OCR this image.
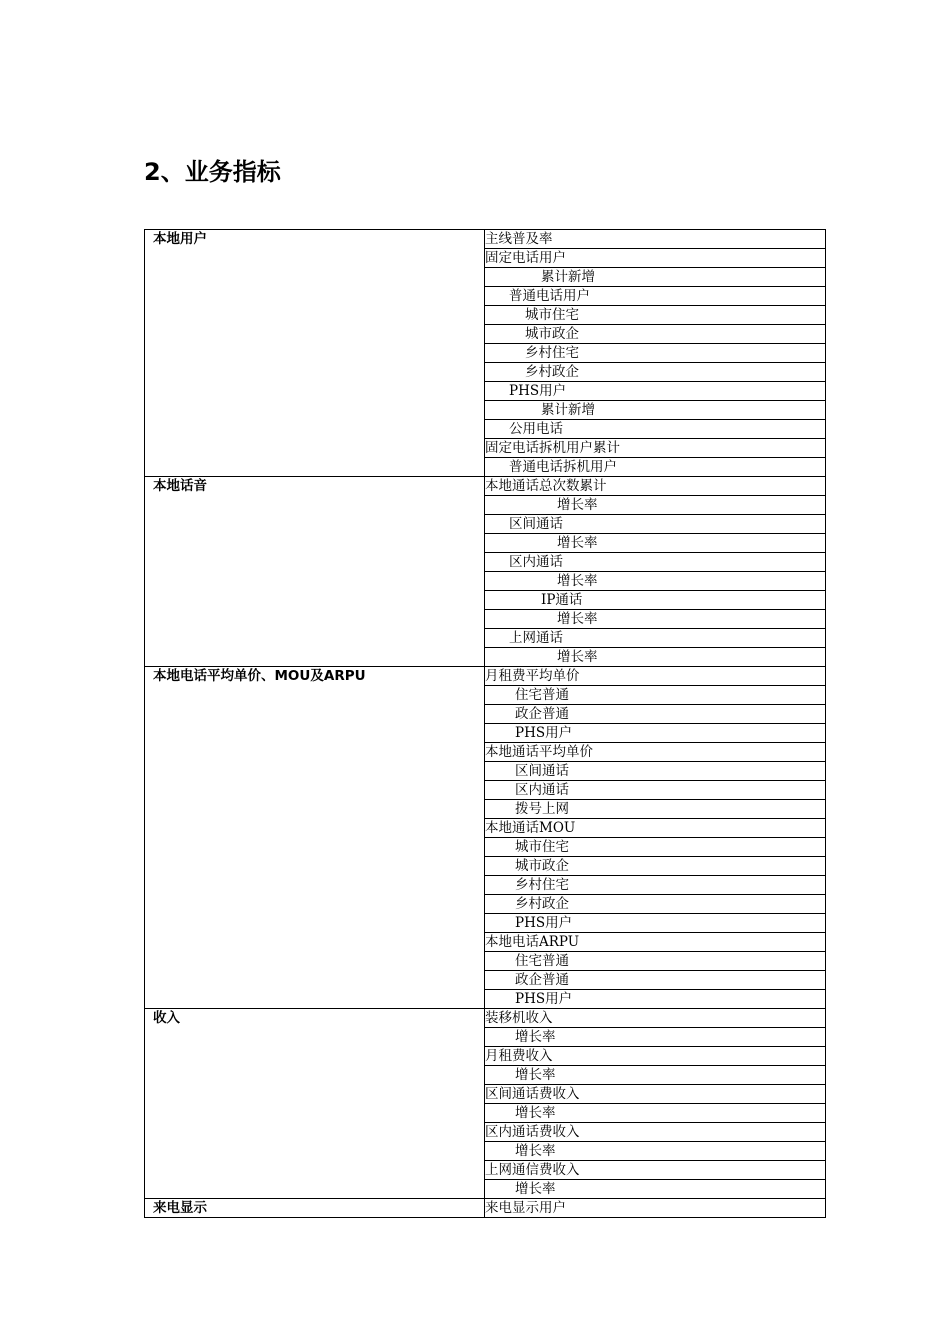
2、业务指标
本地用户	主线普及率
	固定电话用户
	累计新增
	普通电话用户
	城市住宅
	城市政企
	乡村住宅
	乡村政企
	PHS用户
	累计新增
	公用电话
	固定电话拆机用户累计
	普通电话拆机用户
本地话音	本地通话总次数累计
	增长率
	区间通话
	增长率
	区内通话
	增长率
	IP通话
	增长率
	上网通话
	增长率
本地电话平均单价、MOU及ARPU	月租费平均单价
	住宅普通
	政企普通
	PHS用户
	本地通话平均单价
	区间通话
	区内通话
	拨号上网
	本地通话MOU
	城市住宅
	城市政企
	乡村住宅
	乡村政企
	PHS用户
	本地电话ARPU
	住宅普通
	政企普通
	PHS用户
收入	装移机收入
	增长率
	月租费收入
	增长率
	区间通话费收入
	增长率
	区内通话费收入
	增长率
	上网通信费收入
	增长率
来电显示	来电显示用户
